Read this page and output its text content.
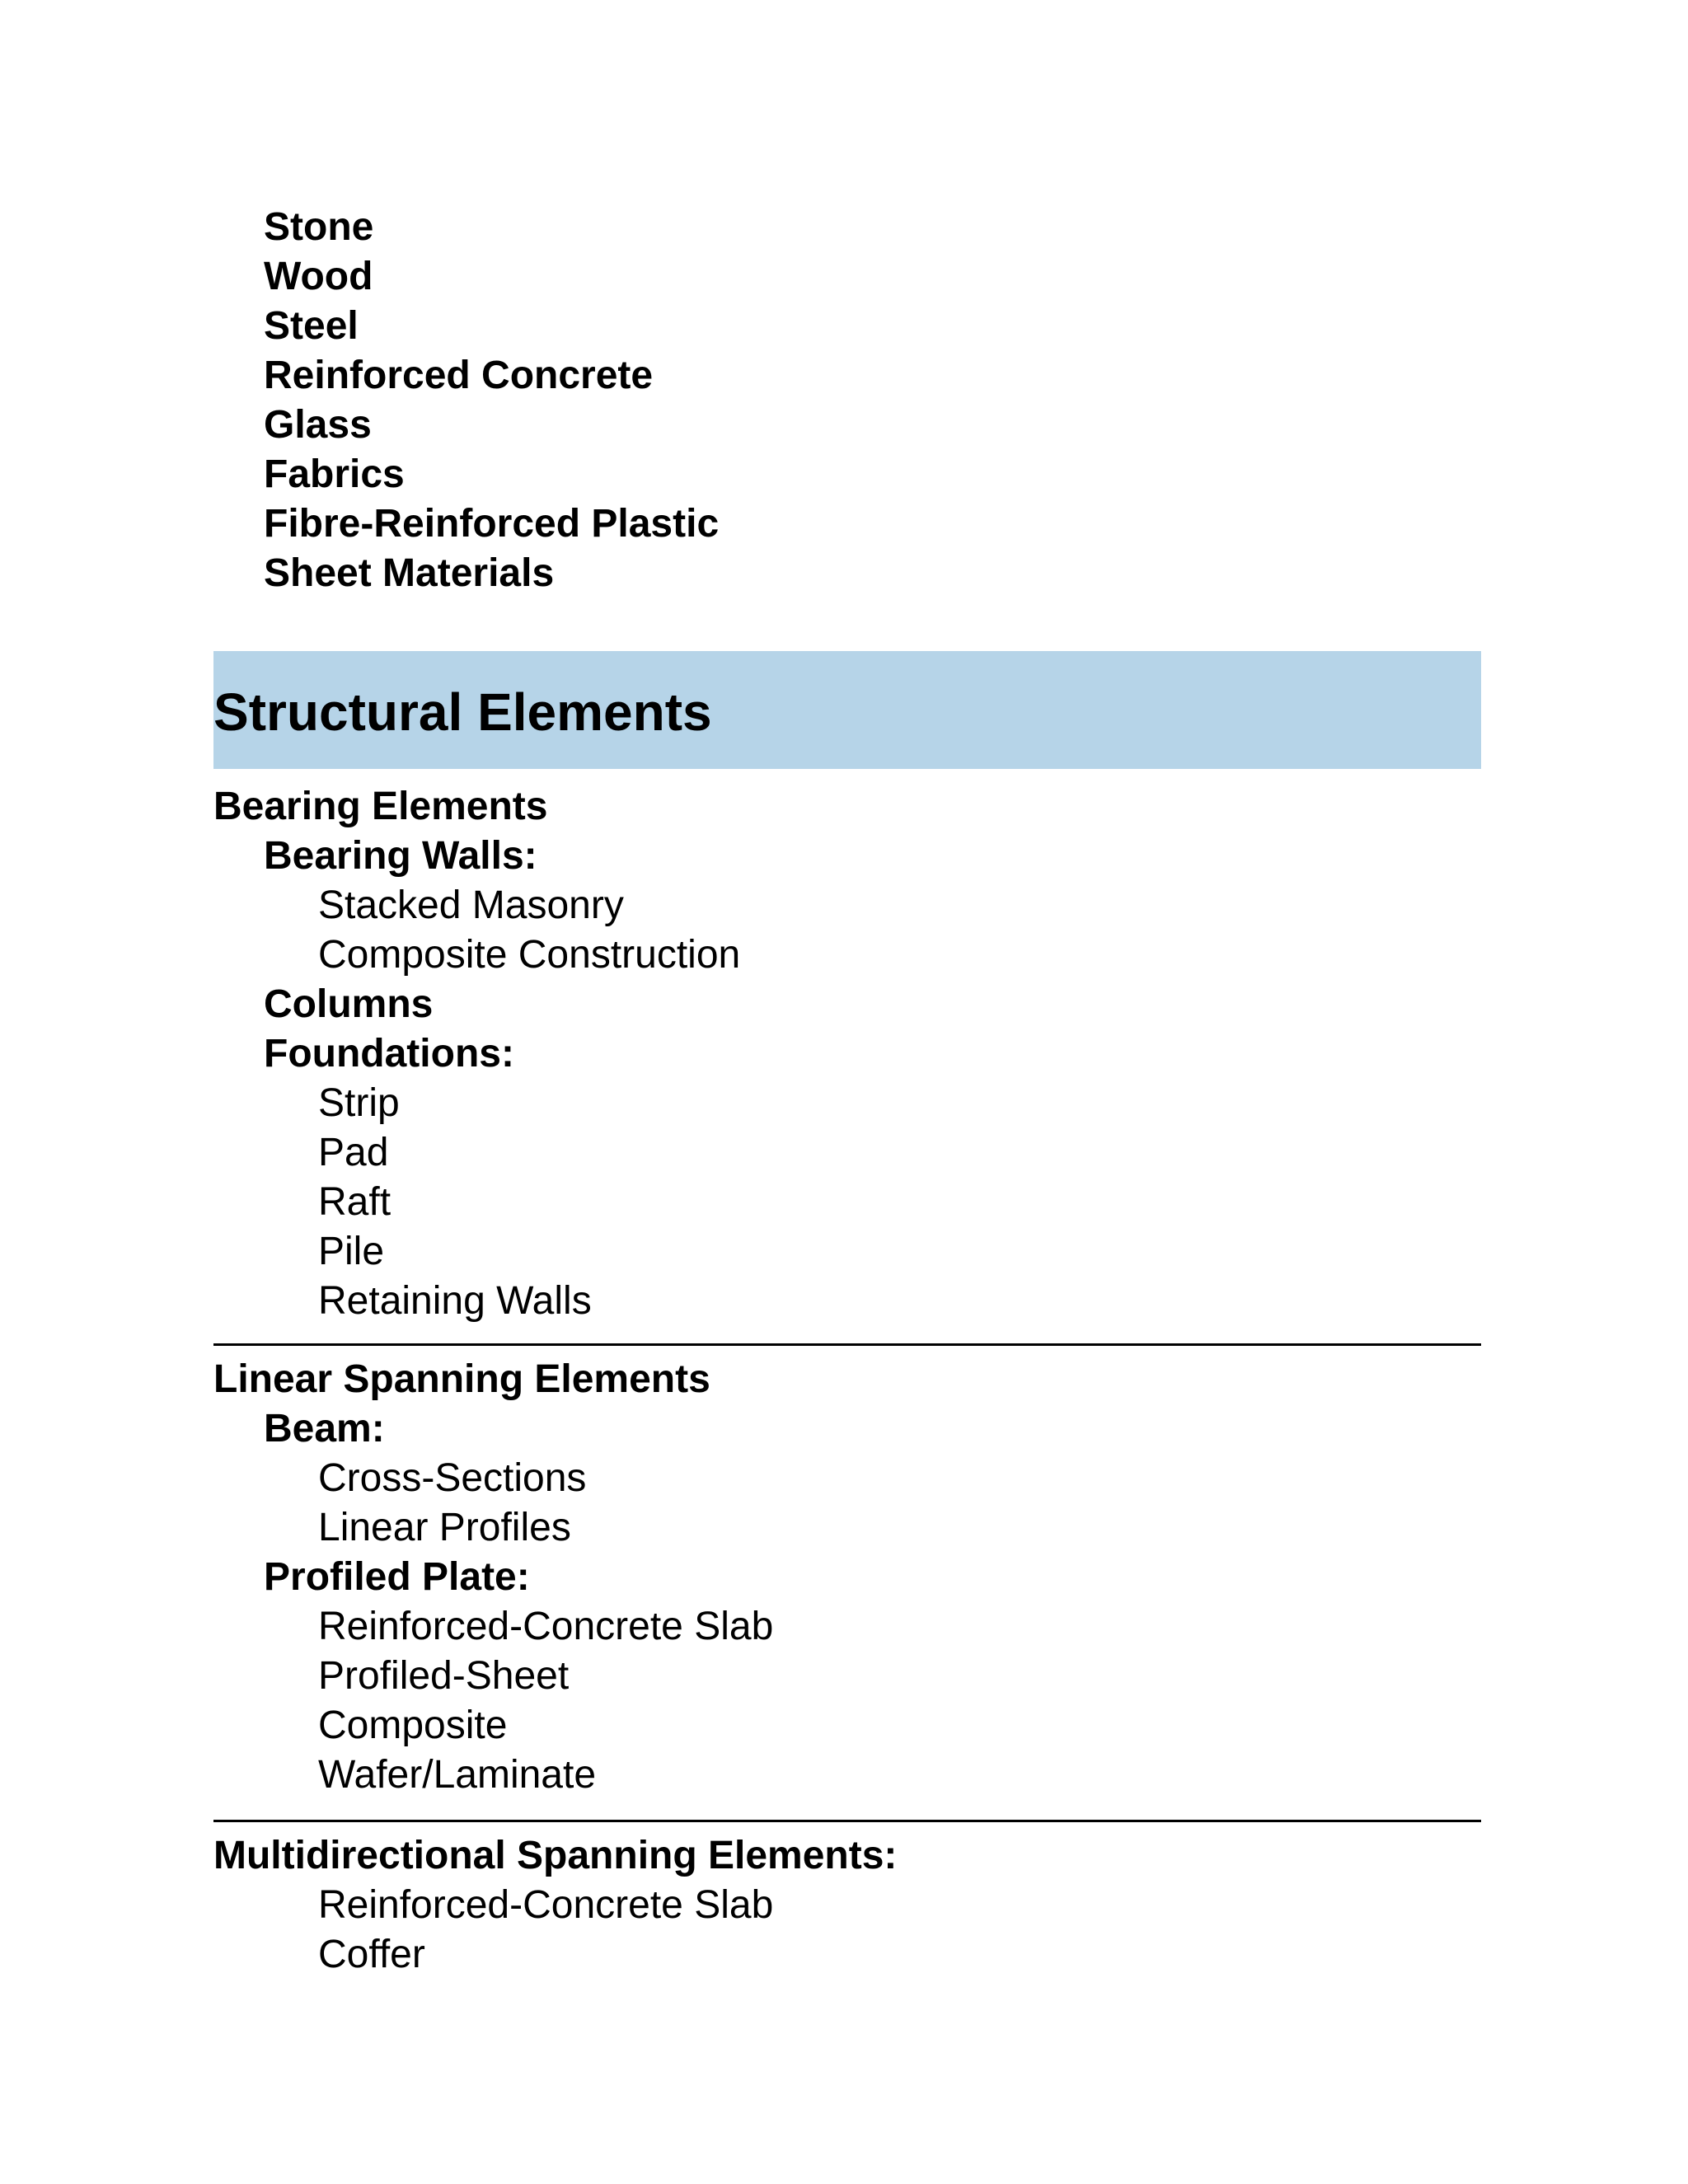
Stone
Wood
Steel
Reinforced Concrete
Glass
Fabrics
Fibre-Reinforced Plastic
Sheet Materials
Structural Elements
Bearing Elements
Bearing Walls:
Stacked Masonry
Composite Construction
Columns
Foundations:
Strip
Pad
Raft
Pile
Retaining Walls
Linear Spanning Elements
Beam:
Cross-Sections
Linear Profiles
Profiled Plate:
Reinforced-Concrete Slab
Profiled-Sheet
Composite
Wafer/Laminate
Multidirectional Spanning Elements:
Reinforced-Concrete Slab
Coffer
